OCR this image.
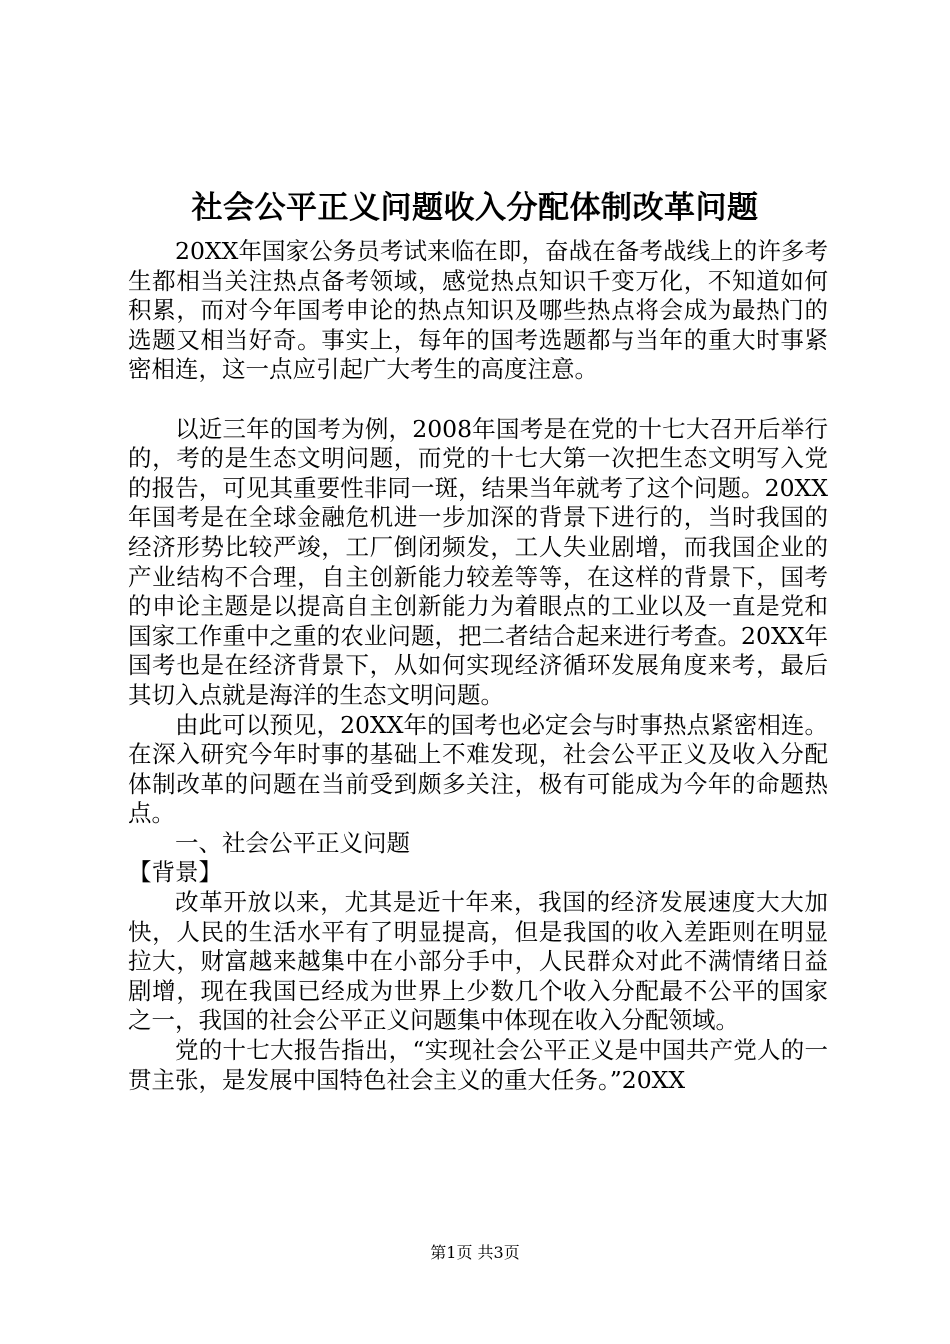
社会公平正义问题收入分配体制改革问题

20XX年国家公务员考试来临在即，奋战在备考战线上的许多考生都相当关注热点备考领域，感觉热点知识千变万化，不知道如何积累，而对今年国考申论的热点知识及哪些热点将会成为最热门的选题又相当好奇。事实上，每年的国考选题都与当年的重大时事紧密相连，这一点应引起广大考生的高度注意。

以近三年的国考为例，2008年国考是在党的十七大召开后举行的，考的是生态文明问题，而党的十七大第一次把生态文明写入党的报告，可见其重要性非同一斑，结果当年就考了这个问题。20XX年国考是在全球金融危机进一步加深的背景下进行的，当时我国的经济形势比较严竣，工厂倒闭频发，工人失业剧增，而我国企业的产业结构不合理，自主创新能力较差等等，在这样的背景下，国考的申论主题是以提高自主创新能力为着眼点的工业以及一直是党和国家工作重中之重的农业问题，把二者结合起来进行考查。20XX年国考也是在经济背景下，从如何实现经济循环发展角度来考，最后其切入点就是海洋的生态文明问题。

由此可以预见，20XX年的国考也必定会与时事热点紧密相连。在深入研究今年时事的基础上不难发现，社会公平正义及收入分配体制改革的问题在当前受到颇多关注，极有可能成为今年的命题热点。

一、社会公平正义问题

【背景】

改革开放以来，尤其是近十年来，我国的经济发展速度大大加快，人民的生活水平有了明显提高，但是我国的收入差距则在明显拉大，财富越来越集中在小部分手中，人民群众对此不满情绪日益剧增，现在我国已经成为世界上少数几个收入分配最不公平的国家之一，我国的社会公平正义问题集中体现在收入分配领域。

党的十七大报告指出，“实现社会公平正义是中国共产党人的一贯主张，是发展中国特色社会主义的重大任务。”20XX

第1页 共3页
